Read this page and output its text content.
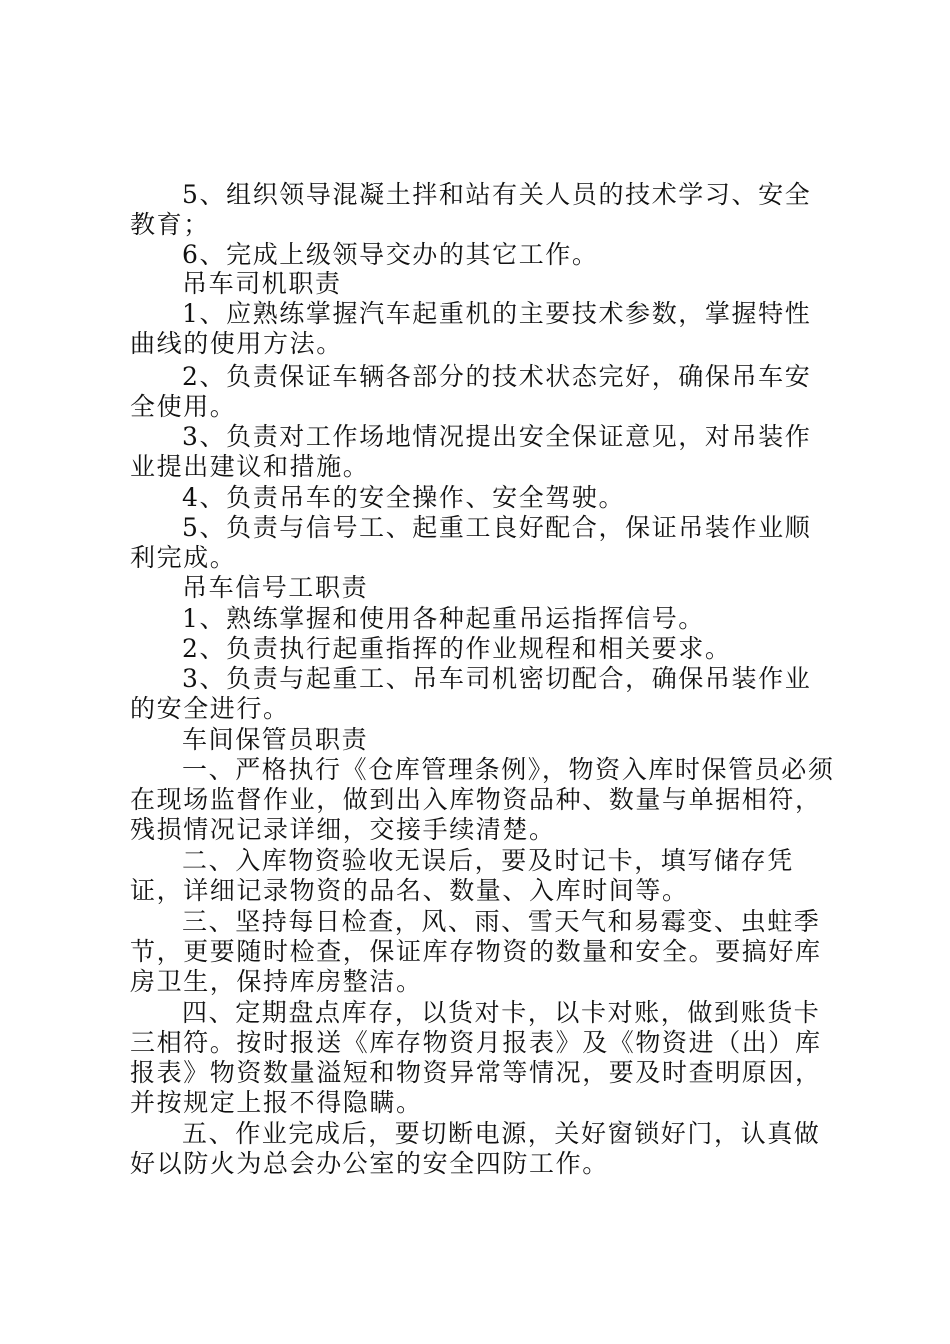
5、组织领导混凝土拌和站有关人员的技术学习、安全教育；
6、完成上级领导交办的其它工作。
吊车司机职责
1、应熟练掌握汽车起重机的主要技术参数，掌握特性曲线的使用方法。
2、负责保证车辆各部分的技术状态完好，确保吊车安全使用。
3、负责对工作场地情况提出安全保证意见，对吊装作业提出建议和措施。
4、负责吊车的安全操作、安全驾驶。
5、负责与信号工、起重工良好配合，保证吊装作业顺利完成。
吊车信号工职责
1、熟练掌握和使用各种起重吊运指挥信号。
2、负责执行起重指挥的作业规程和相关要求。
3、负责与起重工、吊车司机密切配合，确保吊装作业的安全进行。
车间保管员职责
一、严格执行《仓库管理条例》，物资入库时保管员必须在现场监督作业，做到出入库物资品种、数量与单据相符，残损情况记录详细，交接手续清楚。
二、入库物资验收无误后，要及时记卡，填写储存凭证，详细记录物资的品名、数量、入库时间等。
三、坚持每日检查，风、雨、雪天气和易霉变、虫蛀季节，更要随时检查，保证库存物资的数量和安全。要搞好库房卫生，保持库房整洁。
四、定期盘点库存，以货对卡，以卡对账，做到账货卡三相符。按时报送《库存物资月报表》及《物资进（出）库报表》物资数量溢短和物资异常等情况，要及时查明原因，并按规定上报不得隐瞒。
五、作业完成后，要切断电源，关好窗锁好门，认真做好以防火为总会办公室的安全四防工作。
